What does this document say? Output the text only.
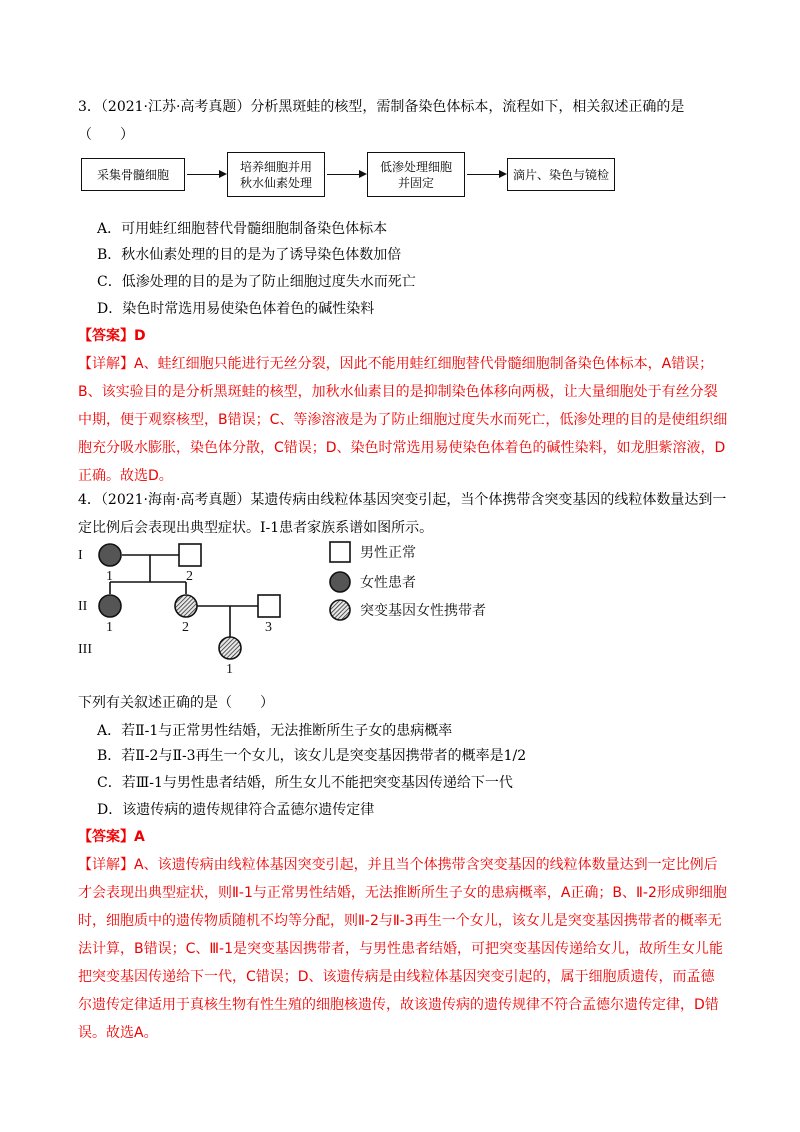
3．（2021·江苏·高考真题）分析黑斑蛙的核型，需制备染色体标本，流程如下，相关叙述正确的是（　　）

采集骨髓细胞
培养细胞并用秋水仙素处理
低渗处理细胞并固定
滴片、染色与镜检
A．可用蛙红细胞替代骨髓细胞制备染色体标本
B．秋水仙素处理的目的是为了诱导染色体数加倍
C．低渗处理的目的是为了防止细胞过度失水而死亡
D．染色时常选用易使染色体着色的碱性染料

【答案】D

【详解】A、蛙红细胞只能进行无丝分裂，因此不能用蛙红细胞替代骨髓细胞制备染色体标本，A错误；B、该实验目的是分析黑斑蛙的核型，加秋水仙素目的是抑制染色体移向两极，让大量细胞处于有丝分裂中期，便于观察核型，B错误；C、等渗溶液是为了防止细胞过度失水而死亡，低渗处理的目的是使组织细胞充分吸水膨胀，染色体分散，C错误；D、染色时常选用易使染色体着色的碱性染料，如龙胆紫溶液，D正确。故选D。

4．（2021·海南·高考真题）某遗传病由线粒体基因突变引起，当个体携带含突变基因的线粒体数量达到一定比例后会表现出典型症状。Ⅰ-1患者家族系谱如图所示。

I
II
III
1	2
1	2	3
1
男性正常
女性患者
突变基因女性携带者

下列有关叙述正确的是（　　）

A．若Ⅱ-1与正常男性结婚，无法推断所生子女的患病概率
B．若Ⅱ-2与Ⅱ-3再生一个女儿，该女儿是突变基因携带者的概率是1/2
C．若Ⅲ-1与男性患者结婚，所生女儿不能把突变基因传递给下一代
D．该遗传病的遗传规律符合孟德尔遗传定律

【答案】A

【详解】A、该遗传病由线粒体基因突变引起，并且当个体携带含突变基因的线粒体数量达到一定比例后才会表现出典型症状，则Ⅱ-1与正常男性结婚，无法推断所生子女的患病概率，A正确；B、Ⅱ-2形成卵细胞时，细胞质中的遗传物质随机不均等分配，则Ⅱ-2与Ⅱ-3再生一个女儿，该女儿是突变基因携带者的概率无法计算，B错误；C、Ⅲ-1是突变基因携带者，与男性患者结婚，可把突变基因传递给女儿，故所生女儿能把突变基因传递给下一代，C错误；D、该遗传病是由线粒体基因突变引起的，属于细胞质遗传，而孟德尔遗传定律适用于真核生物有性生殖的细胞核遗传，故该遗传病的遗传规律不符合孟德尔遗传定律，D错误。故选A。
